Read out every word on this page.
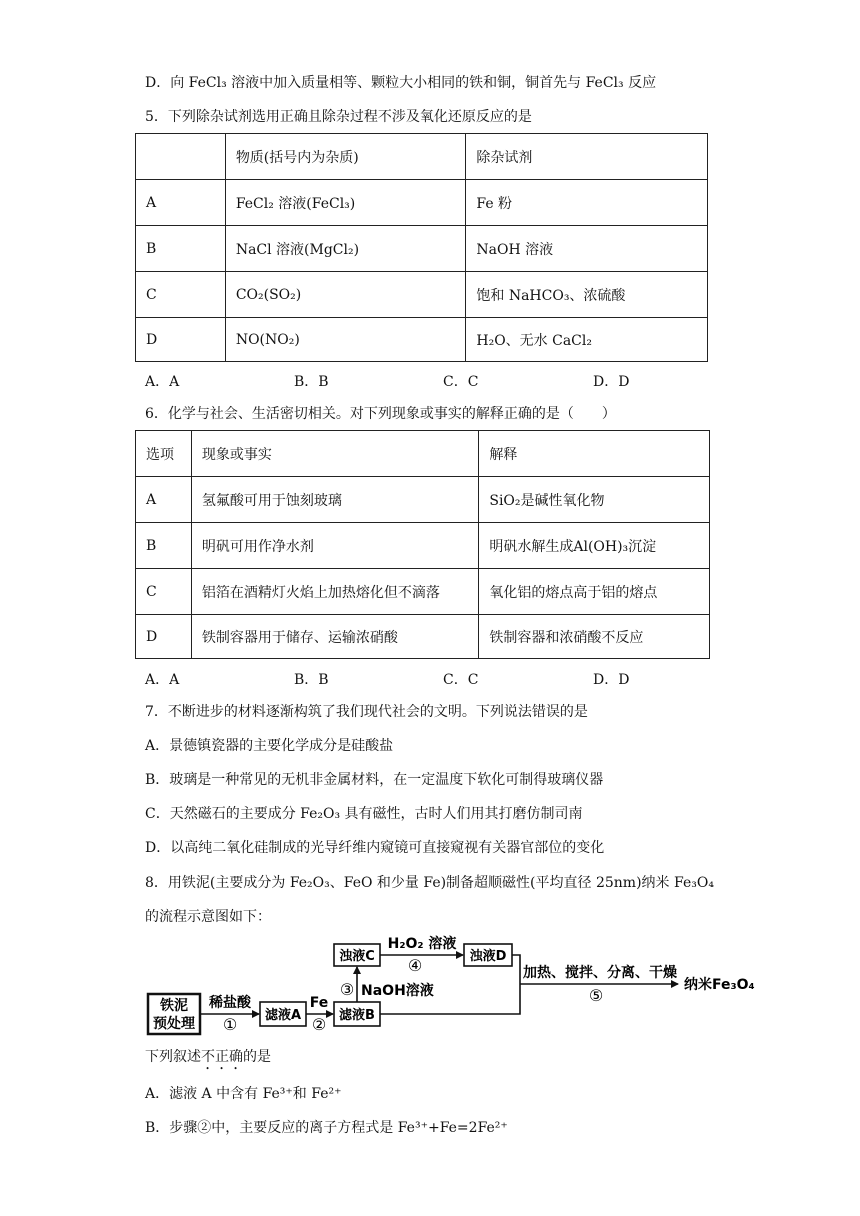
D．向 FeCl₃ 溶液中加入质量相等、颗粒大小相同的铁和铜，铜首先与 FeCl₃ 反应
5．下列除杂试剂选用正确且除杂过程不涉及氧化还原反应的是
	物质(括号内为杂质)	除杂试剂
A	FeCl₂ 溶液(FeCl₃)	Fe 粉
B	NaCl 溶液(MgCl₂)	NaOH 溶液
C	CO₂(SO₂)	饱和 NaHCO₃、浓硫酸
D	NO(NO₂)	H₂O、无水 CaCl₂
A．A	B．B	C．C	D．D
6．化学与社会、生活密切相关。对下列现象或事实的解释正确的是（　　）
选项	现象或事实	解释
A	氢氟酸可用于蚀刻玻璃	SiO₂是碱性氧化物
B	明矾可用作净水剂	明矾水解生成Al(OH)₃沉淀
C	铝箔在酒精灯火焰上加热熔化但不滴落	氧化铝的熔点高于铝的熔点
D	铁制容器用于储存、运输浓硝酸	铁制容器和浓硝酸不反应
A．A	B．B	C．C	D．D
7．不断进步的材料逐渐构筑了我们现代社会的文明。下列说法错误的是
A．景德镇瓷器的主要化学成分是硅酸盐
B．玻璃是一种常见的无机非金属材料，在一定温度下软化可制得玻璃仪器
C．天然磁石的主要成分 Fe₂O₃ 具有磁性，古时人们用其打磨仿制司南
D．以高纯二氧化硅制成的光导纤维内窥镜可直接窥视有关器官部位的变化
8．用铁泥(主要成分为 Fe₂O₃、FeO 和少量 Fe)制备超顺磁性(平均直径 25nm)纳米 Fe₃O₄
的流程示意图如下：
铁泥
预处理
稀盐酸
① 滤液A
Fe
② 滤液B
③ NaOH溶液
浊液C
H₂O₂ 溶液
④	浊液D
加热、搅拌、分离、干燥
⑤
纳米Fe₃O₄
下列叙述不正确的是
A．滤液 A 中含有 Fe³⁺和 Fe²⁺
B．步骤②中，主要反应的离子方程式是 Fe³⁺+Fe=2Fe²⁺
